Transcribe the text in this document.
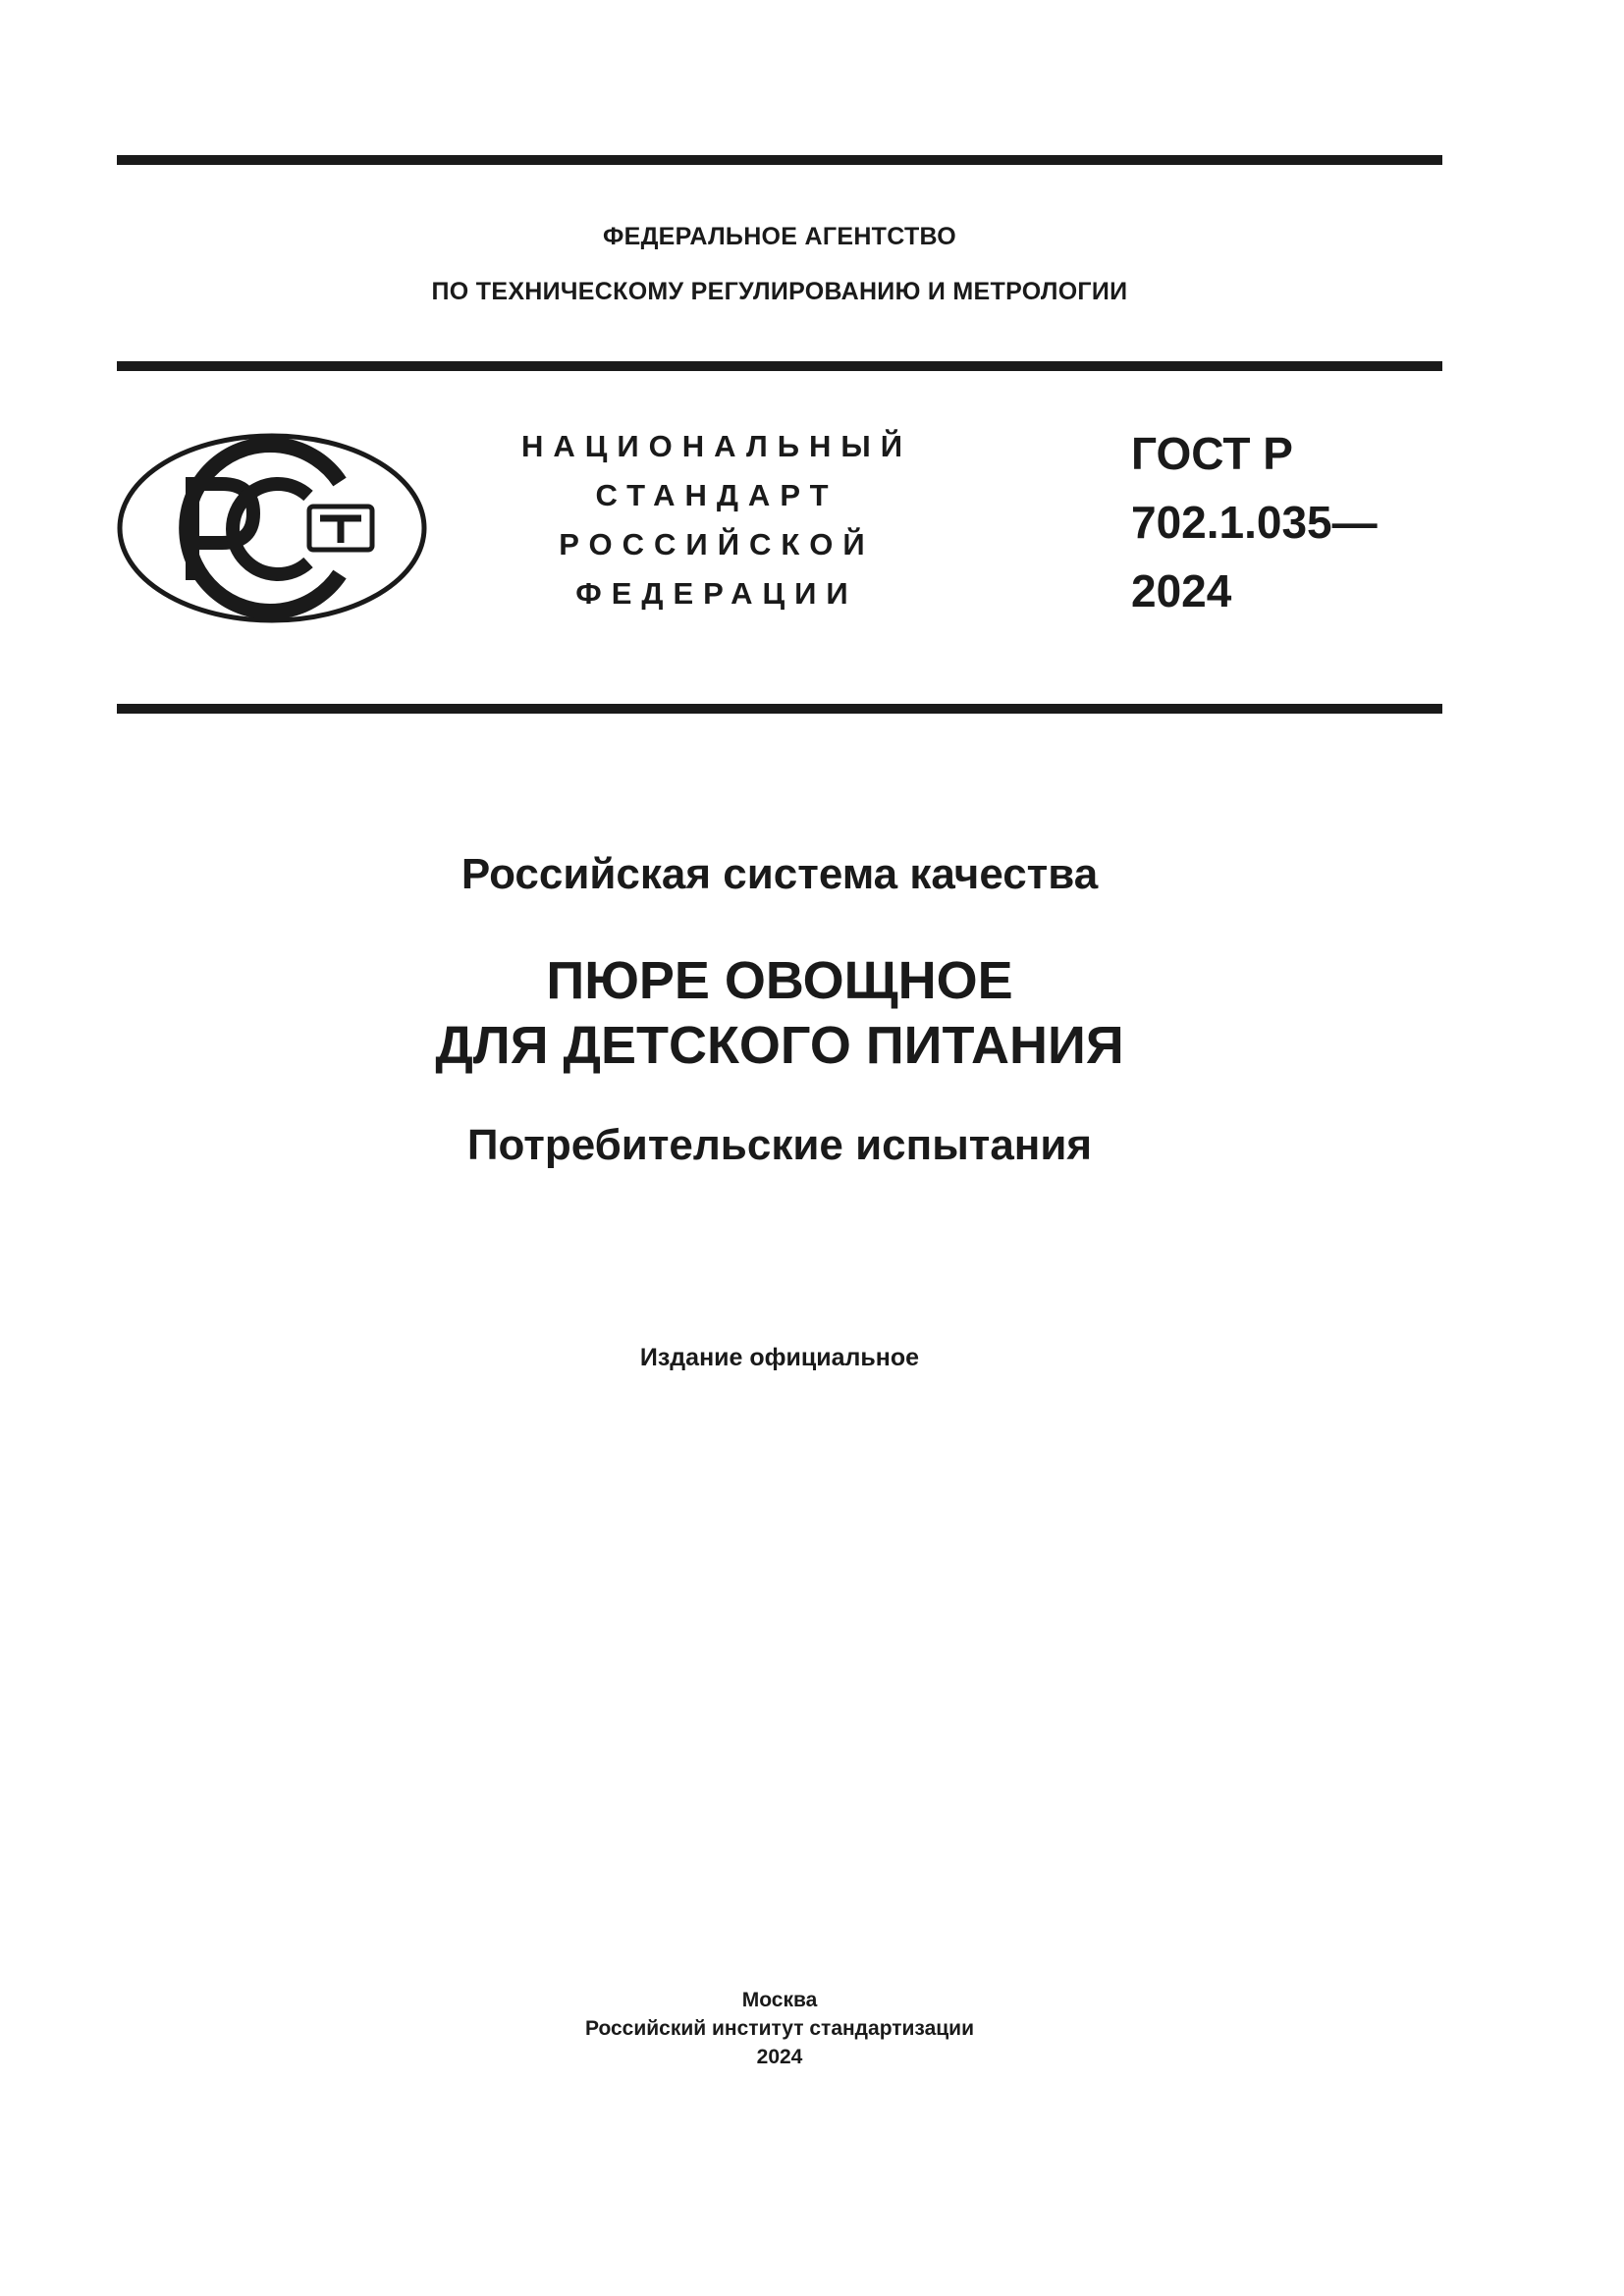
ФЕДЕРАЛЬНОЕ АГЕНТСТВО
ПО ТЕХНИЧЕСКОМУ РЕГУЛИРОВАНИЮ И МЕТРОЛОГИИ
НАЦИОНАЛЬНЫЙ
СТАНДАРТ
РОССИЙСКОЙ
ФЕДЕРАЦИИ
ГОСТ Р
702.1.035—
2024
Российская система качества
ПЮРЕ ОВОЩНОЕ
ДЛЯ ДЕТСКОГО ПИТАНИЯ
Потребительские испытания
Издание официальное
Москва
Российский институт стандартизации
2024
